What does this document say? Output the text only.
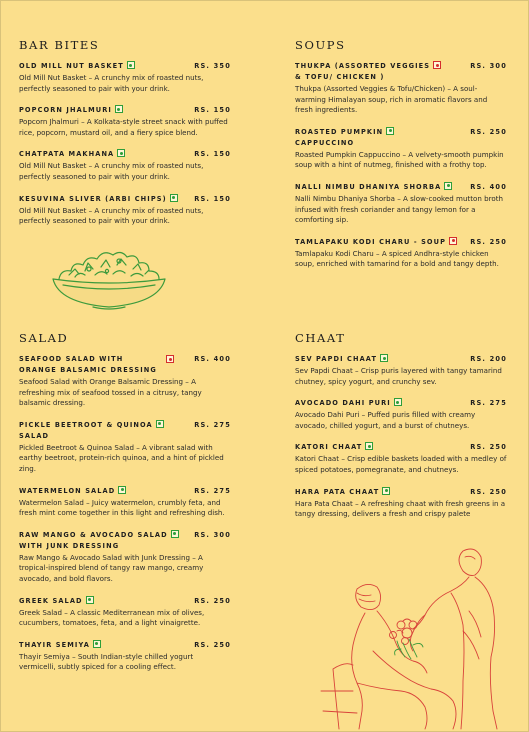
BAR BITES
OLD MILL NUT BASKET	RS. 350
Old Mill Nut Basket – A crunchy mix of roasted nuts, perfectly seasoned to pair with your drink.
POPCORN JHALMURI	RS. 150
Popcorn Jhalmuri – A Kolkata-style street snack with puffed rice, popcorn, mustard oil, and a fiery spice blend.
CHATPATA MAKHANA	RS. 150
Old Mill Nut Basket – A crunchy mix of roasted nuts, perfectly seasoned to pair with your drink.
KESUVINA SLIVER (ARBI CHIPS)	RS. 150
Old Mill Nut Basket – A crunchy mix of roasted nuts, perfectly seasoned to pair with your drink.
SALAD
SEAFOOD SALAD WITH	RS. 400

ORANGE BALSAMIC DRESSING
Seafood Salad with Orange Balsamic Dressing – A refreshing mix of seafood tossed in a citrusy, tangy balsamic dressing.
PICKLE BEETROOT & QUINOA	RS. 275

SALAD
Pickled Beetroot & Quinoa Salad – A vibrant salad with earthy beetroot, protein-rich quinoa, and a hint of pickled zing.
WATERMELON SALAD	RS. 275
Watermelon Salad – Juicy watermelon, crumbly feta, and fresh mint come together in this light and refreshing dish.
RAW MANGO & AVOCADO SALAD	RS. 300

WITH JUNK DRESSING
Raw Mango & Avocado Salad with Junk Dressing – A tropical-inspired blend of tangy raw mango, creamy avocado, and bold flavors.
GREEK SALAD	RS. 250
Greek Salad – A classic Mediterranean mix of olives, cucumbers, tomatoes, feta, and a light vinaigrette.
THAYIR SEMIYA	RS. 250
Thayir Semiya – South Indian-style chilled yogurt vermicelli, subtly spiced for a cooling effect.
SOUPS
THUKPA (ASSORTED VEGGIES	RS. 300

& TOFU/ CHICKEN )
Thukpa (Assorted Veggies & Tofu/Chicken) – A soul-warming Himalayan soup, rich in aromatic flavors and fresh ingredients.
ROASTED PUMPKIN	RS. 250

CAPPUCCINO
Roasted Pumpkin Cappuccino – A velvety-smooth pumpkin soup with a hint of nutmeg, finished with a frothy top.
NALLI NIMBU DHANIYA SHORBA	RS. 400
Nalli Nimbu Dhaniya Shorba – A slow-cooked mutton broth infused with fresh coriander and tangy lemon for a comforting sip.
TAMLAPAKU KODI CHARU - SOUP	RS. 250
Tamlapaku Kodi Charu – A spiced Andhra-style chicken soup, enriched with tamarind for a bold and tangy depth.
CHAAT
SEV PAPDI CHAAT	RS. 200
Sev Papdi Chaat – Crisp puris layered with tangy tamarind chutney, spicy yogurt, and crunchy sev.
AVOCADO DAHI PURI	RS. 275
Avocado Dahi Puri – Puffed puris filled with creamy avocado, chilled yogurt, and a burst of chutneys.
KATORI CHAAT	RS. 250
Katori Chaat – Crisp edible baskets loaded with a medley of spiced potatoes, pomegranate, and chutneys.
HARA PATA CHAAT	RS. 250
Hara Pata Chaat – A refreshing chaat with fresh greens in a tangy dressing, delivers a fresh and crispy palete
